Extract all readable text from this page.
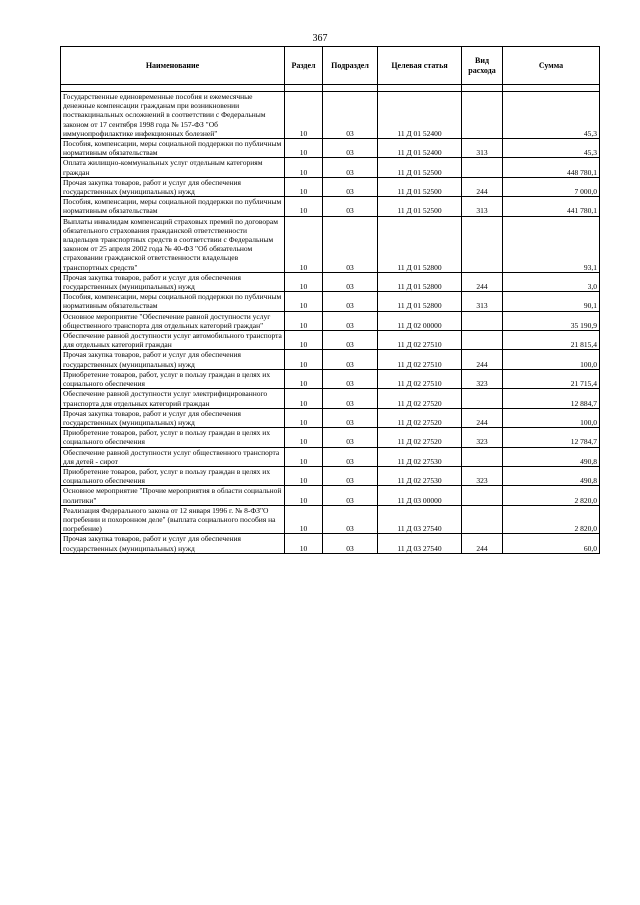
367
Наименование	Раздел	Подраздел	Целевая статья	Вид расхода	Сумма

Государственные единовременные пособия и ежемесячные денежные компенсации гражданам при возникновении поствакцинальных осложнений в соответствии с Федеральным законом от 17 сентября 1998 года № 157-ФЗ "Об иммунопрофилактике инфекционных болезней"	10	03	11 Д 01 52400		45,3
Пособия, компенсации, меры социальной поддержки по публичным нормативным обязательствам	10	03	11 Д 01 52400	313	45,3
Оплата жилищно-коммунальных услуг отдельным категориям граждан	10	03	11 Д 01 52500		448 780,1
Прочая закупка товаров, работ и услуг для обеспечения государственных (муниципальных) нужд	10	03	11 Д 01 52500	244	7 000,0
Пособия, компенсации, меры социальной поддержки по публичным нормативным обязательствам	10	03	11 Д 01 52500	313	441 780,1
Выплаты инвалидам компенсаций страховых премий по договорам обязательного страхования гражданской ответственности владельцев транспортных средств в соответствии с Федеральным законом от 25 апреля 2002 года № 40-ФЗ "Об обязательном страховании гражданской ответственности владельцев транспортных средств"	10	03	11 Д 01 52800		93,1
Прочая закупка товаров, работ и услуг для обеспечения государственных (муниципальных) нужд	10	03	11 Д 01 52800	244	3,0
Пособия, компенсации, меры социальной поддержки по публичным нормативным обязательствам	10	03	11 Д 01 52800	313	90,1
Основное мероприятие "Обеспечение равной доступности услуг общественного транспорта для отдельных категорий граждан"	10	03	11 Д 02 00000		35 190,9
Обеспечение равной доступности услуг автомобильного транспорта для отдельных категорий граждан	10	03	11 Д 02 27510		21 815,4
Прочая закупка товаров, работ и услуг для обеспечения государственных (муниципальных) нужд	10	03	11 Д 02 27510	244	100,0
Приобретение товаров, работ, услуг в пользу граждан в целях их социального обеспечения	10	03	11 Д 02 27510	323	21 715,4
Обеспечение равной доступности услуг электрифицированного транспорта для отдельных категорий граждан	10	03	11 Д 02 27520		12 884,7
Прочая закупка товаров, работ и услуг для обеспечения государственных (муниципальных) нужд	10	03	11 Д 02 27520	244	100,0
Приобретение товаров, работ, услуг в пользу граждан в целях их социального обеспечения	10	03	11 Д 02 27520	323	12 784,7
Обеспечение равной доступности услуг общественного транспорта для детей - сирот	10	03	11 Д 02 27530		490,8
Приобретение товаров, работ, услуг в пользу граждан в целях их социального обеспечения	10	03	11 Д 02 27530	323	490,8
Основное мероприятие "Прочие мероприятия в области социальной политики"	10	03	11 Д 03 00000		2 820,0
Реализация Федерального закона от 12 января 1996 г. № 8-ФЗ"О погребении и похоронном деле" (выплата социального пособия на погребение)	10	03	11 Д 03 27540		2 820,0
Прочая закупка товаров, работ и услуг для обеспечения государственных (муниципальных) нужд	10	03	11 Д 03 27540	244	60,0
